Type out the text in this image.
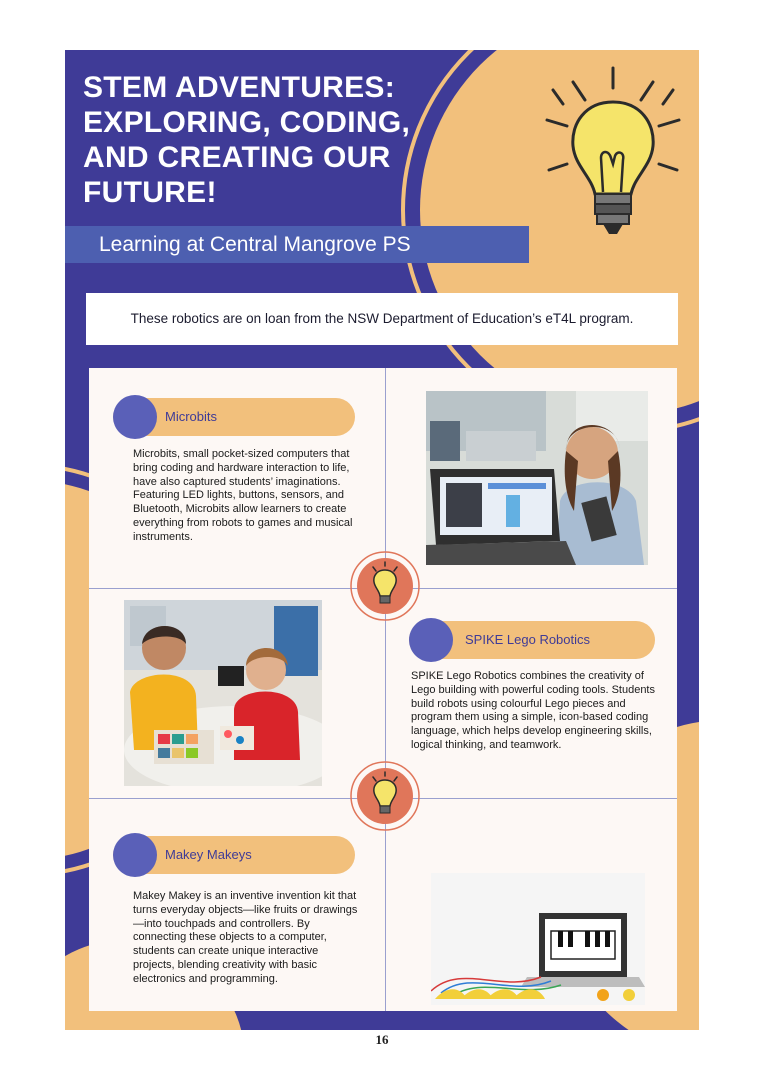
STEM ADVENTURES: EXPLORING, CODING, AND CREATING OUR FUTURE!
Learning at Central Mangrove PS
These robotics are on loan from the NSW Department of Education’s eT4L program.
Microbits

Microbits, small pocket-sized computers that bring coding and hardware interaction to life, have also captured students’ imaginations. Featuring LED lights, buttons, sensors, and Bluetooth, Microbits allow learners to create everything from robots to games and musical instruments.

SPIKE Lego Robotics

SPIKE Lego Robotics combines the creativity of Lego building with powerful coding tools. Students build robots using colourful Lego pieces and program them using a simple, icon-based coding language, which helps develop engineering skills, logical thinking, and teamwork.

Makey Makeys

Makey Makey is an inventive invention kit that turns everyday objects—like fruits or drawings—into touchpads and controllers. By connecting these objects to a computer, students can create unique interactive projects, blending creativity with basic electronics and programming.

16
